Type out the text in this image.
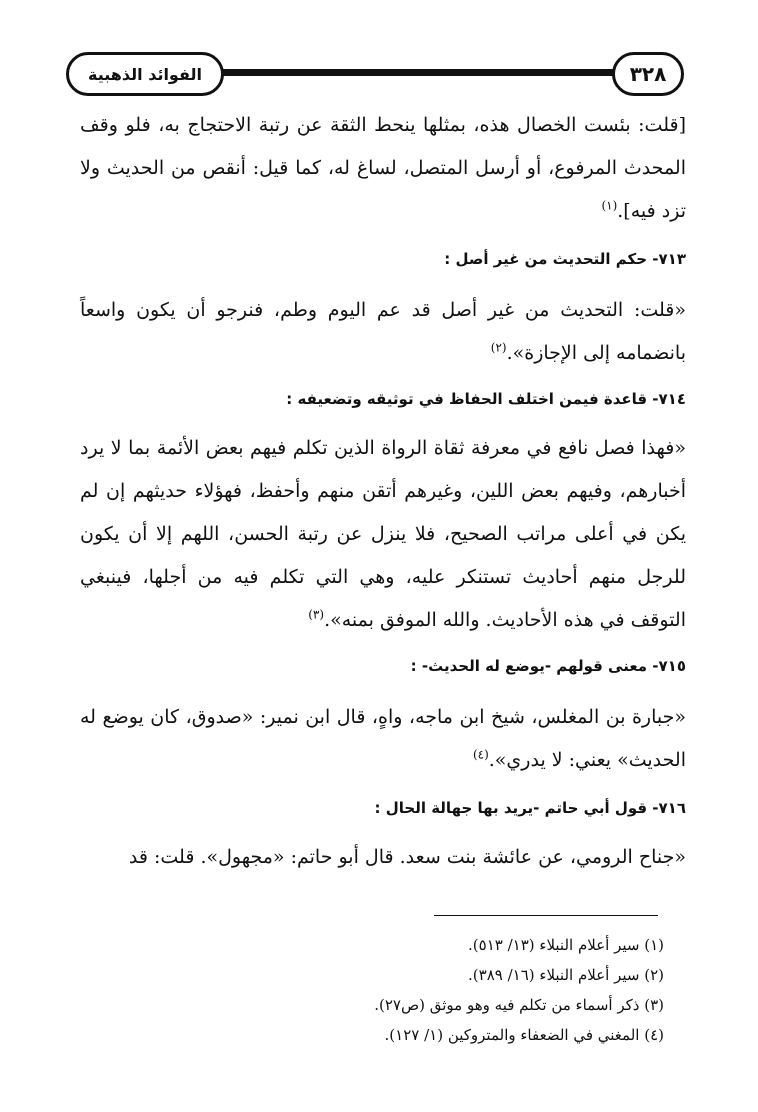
الفوائد الذهبية	٣٢٨

[قلت: بئست الخصال هذه، بمثلها ينحط الثقة عن رتبة الاحتجاج به، فلو وقف المحدث المرفوع، أو أرسل المتصل، لساغ له، كما قيل: أنقص من الحديث ولا تزد فيه].$^{(١)}$

٧١٣- حكم التحديث من غير أصل :

«قلت: التحديث من غير أصل قد عم اليوم وطم، فنرجو أن يكون واسعاً بانضمامه إلى الإجازة».$^{(٢)}$

٧١٤- قاعدة فيمن اختلف الحفاظ في توثيقه وتضعيفه :

«فهذا فصل نافع في معرفة ثقاة الرواة الذين تكلم فيهم بعض الأئمة بما لا يرد أخبارهم، وفيهم بعض اللين، وغيرهم أتقن منهم وأحفظ، فهؤلاء حديثهم إن لم يكن في أعلى مراتب الصحيح، فلا ينزل عن رتبة الحسن، اللهم إلا أن يكون للرجل منهم أحاديث تستنكر عليه، وهي التي تكلم فيه من أجلها، فينبغي التوقف في هذه الأحاديث. والله الموفق بمنه».$^{(٣)}$

٧١٥- معنى قولهم -يوضع له الحديث- :

«جبارة بن المغلس، شيخ ابن ماجه، واهٍ، قال ابن نمير: «صدوق، كان يوضع له الحديث» يعني: لا يدري».$^{(٤)}$

٧١٦- قول أبي حاتم -يريد بها جهالة الحال :

«جناح الرومي، عن عائشة بنت سعد. قال أبو حاتم: «مجهول». قلت: قد

(١) سير أعلام النبلاء (١٣/ ٥١٣).
(٢) سير أعلام النبلاء (١٦/ ٣٨٩).
(٣) ذكر أسماء من تكلم فيه وهو موثق (ص٢٧).
(٤) المغني في الضعفاء والمتروكين (١/ ١٢٧).
